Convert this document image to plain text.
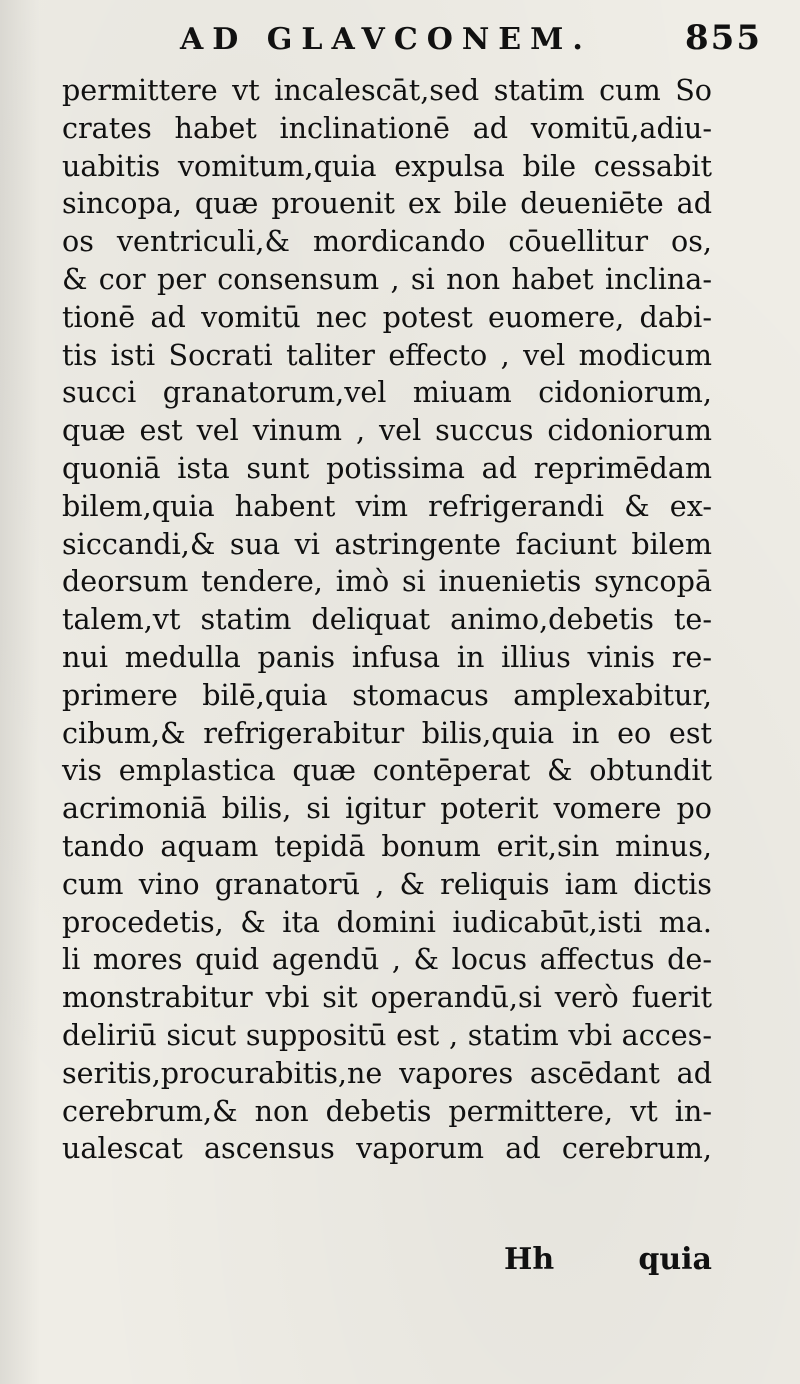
AD GLAVCONEM.	855
permittere vt incalescāt,sed statim cum So
crates habet inclinationē ad vomitū,adiu-
uabitis vomitum,quia expulsa bile cessabit
sincopa, quæ prouenit ex bile deueniēte ad
os ventriculi,& mordicando cōuellitur os,
& cor per consensum , si non habet inclina-
tionē ad vomitū nec potest euomere, dabi-
tis isti Socrati taliter effecto , vel modicum
succi granatorum,vel miuam cidoniorum,
quæ est vel vinum , vel succus cidoniorum
quoniā ista sunt potissima ad reprimēdam
bilem,quia habent vim refrigerandi & ex-
siccandi,& sua vi astringente faciunt bilem
deorsum tendere, imò si inuenietis syncopā
talem,vt statim deliquat animo,debetis te-
nui medulla panis infusa in illius vinis re-
primere bilē,quia stomacus amplexabitur,
cibum,& refrigerabitur bilis,quia in eo est
vis emplastica quæ contēperat & obtundit
acrimoniā bilis, si igitur poterit vomere po
tando aquam tepidā bonum erit,sin minus,
cum vino granatorū , & reliquis iam dictis
procedetis, & ita domini iudicabūt,isti ma.
li mores quid agendū , & locus affectus de-
monstrabitur vbi sit operandū,si verò fuerit
deliriū sicut suppositū est , statim vbi acces-
seritis,procurabitis,ne vapores ascēdant ad
cerebrum,& non debetis permittere, vt in-
ualescat ascensus vaporum ad cerebrum,
Hh	quia
